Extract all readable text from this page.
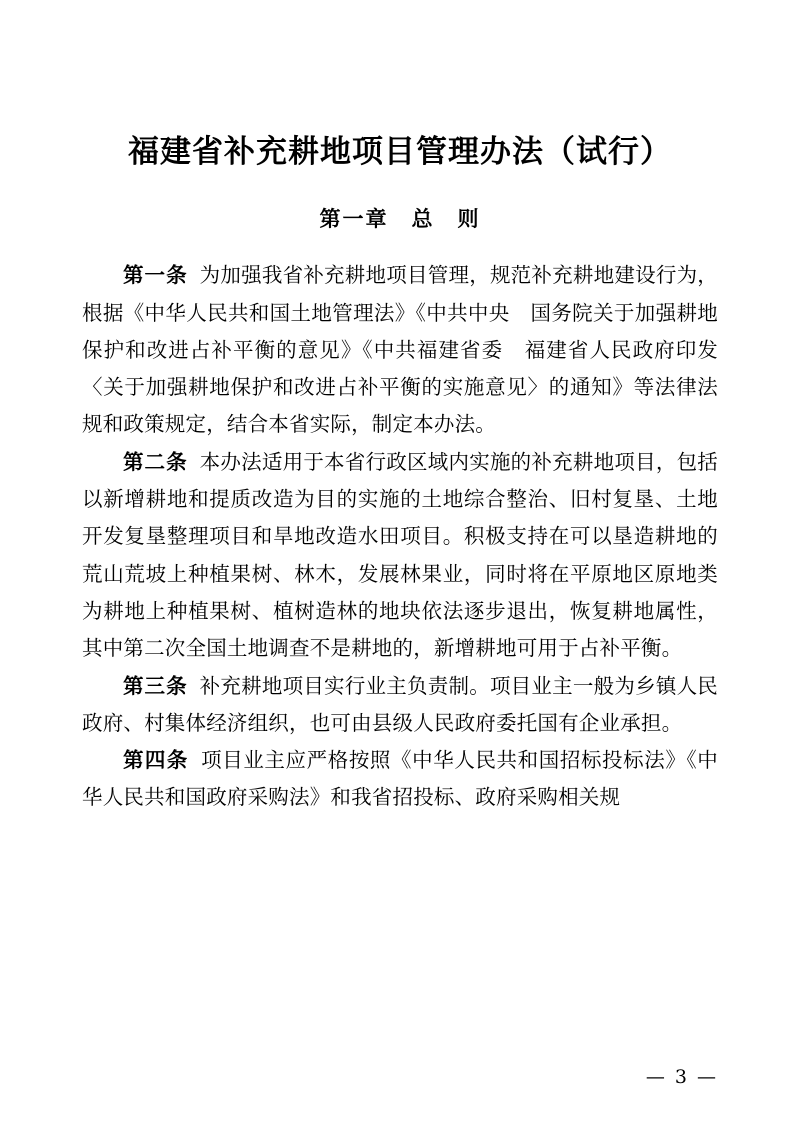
福建省补充耕地项目管理办法（试行）
第一章　总　则

第一条 为加强我省补充耕地项目管理，规范补充耕地建设行为，根据《中华人民共和国土地管理法》《中共中央　国务院关于加强耕地保护和改进占补平衡的意见》《中共福建省委　福建省人民政府印发〈关于加强耕地保护和改进占补平衡的实施意见〉的通知》等法律法规和政策规定，结合本省实际，制定本办法。

第二条 本办法适用于本省行政区域内实施的补充耕地项目，包括以新增耕地和提质改造为目的实施的土地综合整治、旧村复垦、土地开发复垦整理项目和旱地改造水田项目。积极支持在可以垦造耕地的荒山荒坡上种植果树、林木，发展林果业，同时将在平原地区原地类为耕地上种植果树、植树造林的地块依法逐步退出，恢复耕地属性，其中第二次全国土地调查不是耕地的，新增耕地可用于占补平衡。

第三条 补充耕地项目实行业主负责制。项目业主一般为乡镇人民政府、村集体经济组织，也可由县级人民政府委托国有企业承担。

第四条 项目业主应严格按照《中华人民共和国招标投标法》《中华人民共和国政府采购法》和我省招投标、政府采购相关规

— 3 —
